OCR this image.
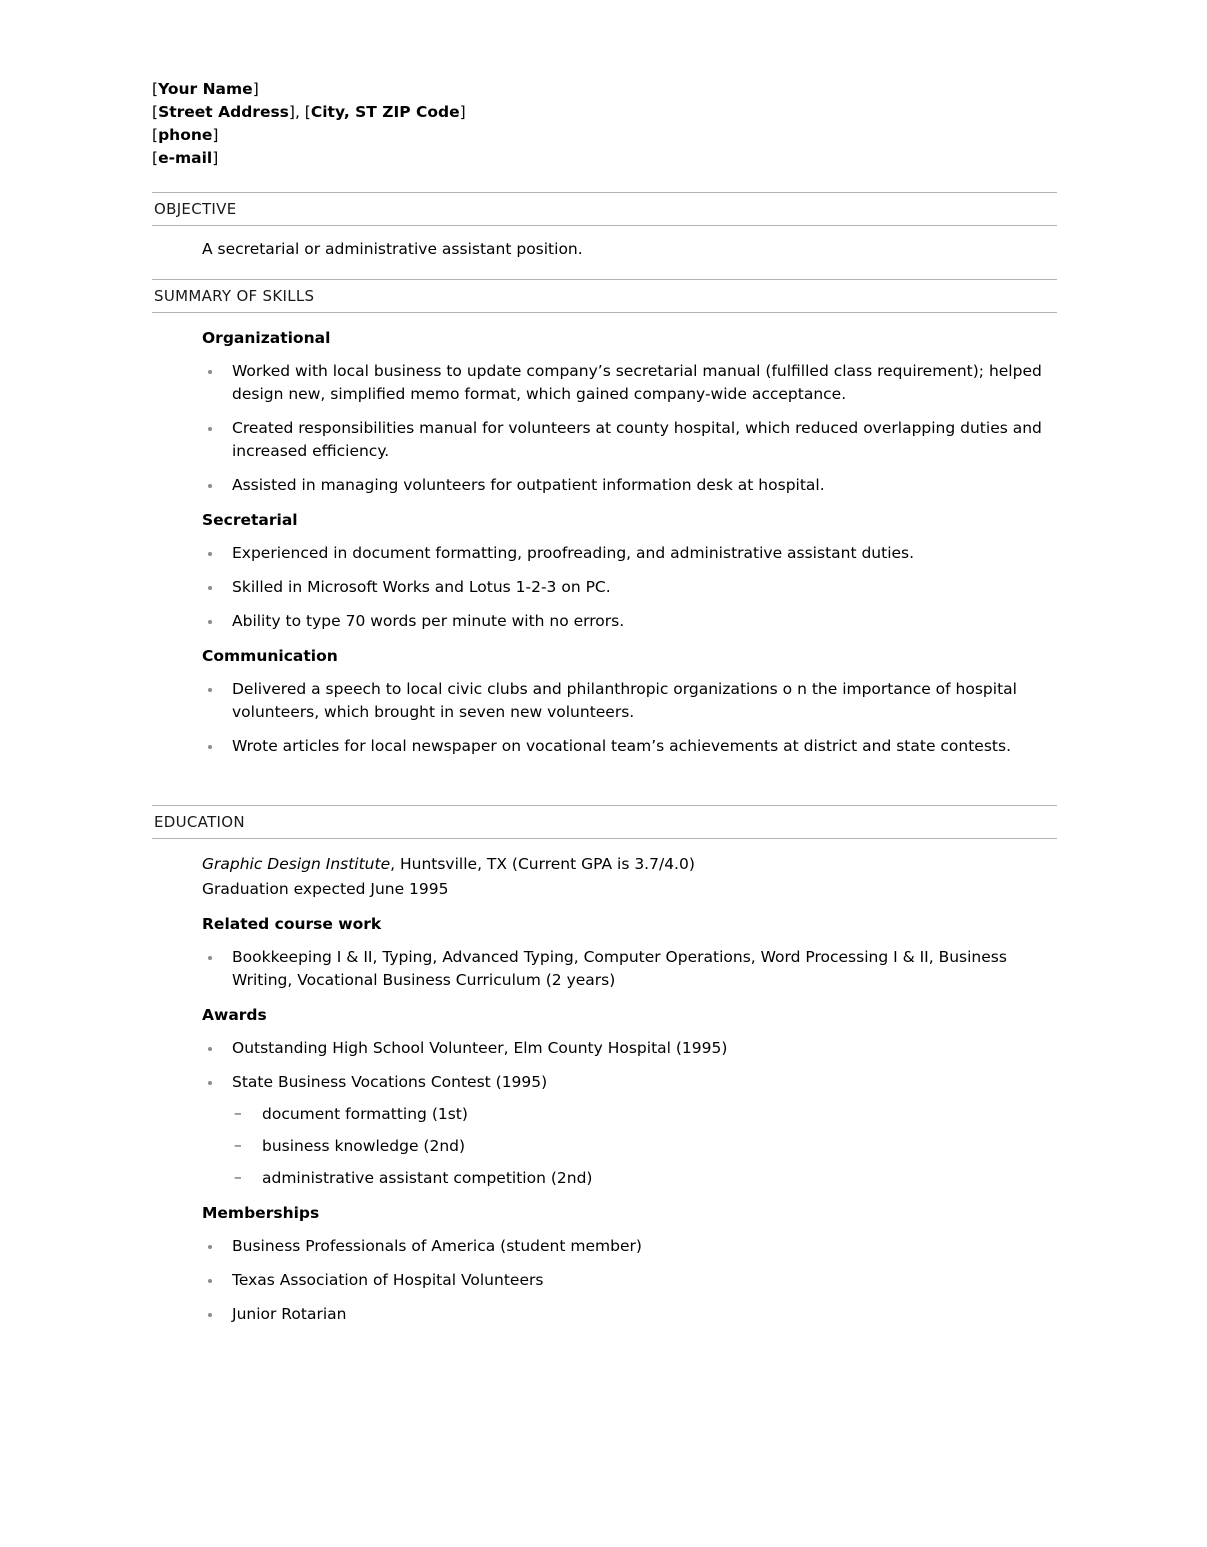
[Your Name]
[Street Address], [City, ST ZIP Code]
[phone]
[e-mail]
OBJECTIVE
A secretarial or administrative assistant position.
SUMMARY OF SKILLS
Organizational
Worked with local business to update company’s secretarial manual (fulfilled class requirement); helped design new, simplified memo format, which gained company-wide acceptance.
Created responsibilities manual for volunteers at county hospital, which reduced overlapping duties and increased efficiency.
Assisted in managing volunteers for outpatient information desk at hospital.
Secretarial
Experienced in document formatting, proofreading, and administrative assistant duties.
Skilled in Microsoft Works and Lotus 1-2-3 on PC.
Ability to type 70 words per minute with no errors.
Communication
Delivered a speech to local civic clubs and philanthropic organizations o n the importance of hospital volunteers, which brought in seven new volunteers.
Wrote articles for local newspaper on vocational team’s achievements at district and state contests.
EDUCATION
Graphic Design Institute, Huntsville, TX (Current GPA is 3.7/4.0)
Graduation expected June 1995
Related course work
Bookkeeping I & II, Typing, Advanced Typing, Computer Operations, Word Processing I & II, Business Writing, Vocational Business Curriculum (2 years)
Awards
Outstanding High School Volunteer, Elm County Hospital (1995)
State Business Vocations Contest (1995)
– document formatting (1st)
– business knowledge (2nd)
– administrative assistant competition (2nd)
Memberships
Business Professionals of America (student member)
Texas Association of Hospital Volunteers
Junior Rotarian
